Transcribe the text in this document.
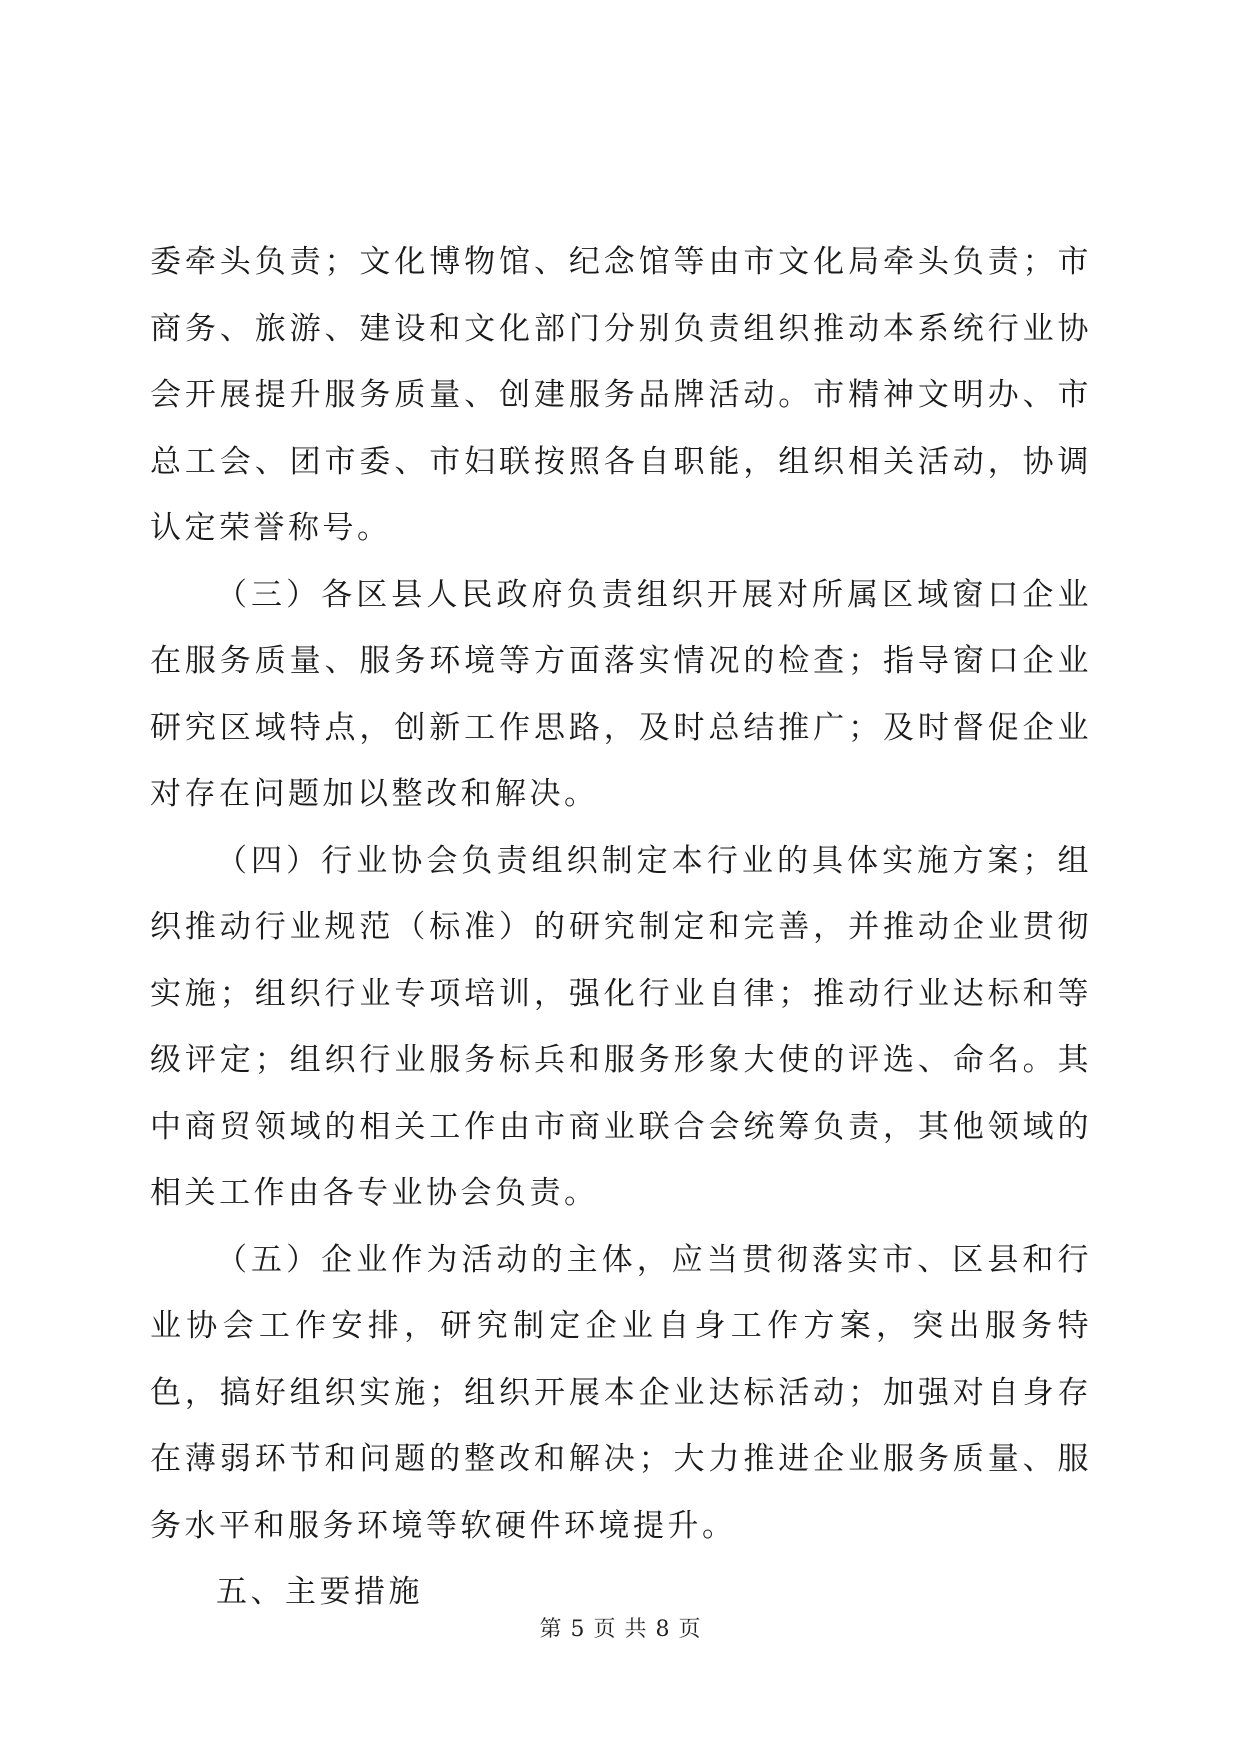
委牵头负责；文化博物馆、纪念馆等由市文化局牵头负责；市商务、旅游、建设和文化部门分别负责组织推动本系统行业协会开展提升服务质量、创建服务品牌活动。市精神文明办、市总工会、团市委、市妇联按照各自职能，组织相关活动，协调认定荣誉称号。

（三）各区县人民政府负责组织开展对所属区域窗口企业在服务质量、服务环境等方面落实情况的检查；指导窗口企业研究区域特点，创新工作思路，及时总结推广；及时督促企业对存在问题加以整改和解决。

（四）行业协会负责组织制定本行业的具体实施方案；组织推动行业规范（标准）的研究制定和完善，并推动企业贯彻实施；组织行业专项培训，强化行业自律；推动行业达标和等级评定；组织行业服务标兵和服务形象大使的评选、命名。其中商贸领域的相关工作由市商业联合会统筹负责，其他领域的相关工作由各专业协会负责。

（五）企业作为活动的主体，应当贯彻落实市、区县和行业协会工作安排，研究制定企业自身工作方案，突出服务特色，搞好组织实施；组织开展本企业达标活动；加强对自身存在薄弱环节和问题的整改和解决；大力推进企业服务质量、服务水平和服务环境等软硬件环境提升。

五、主要措施

第 5 页 共 8 页
